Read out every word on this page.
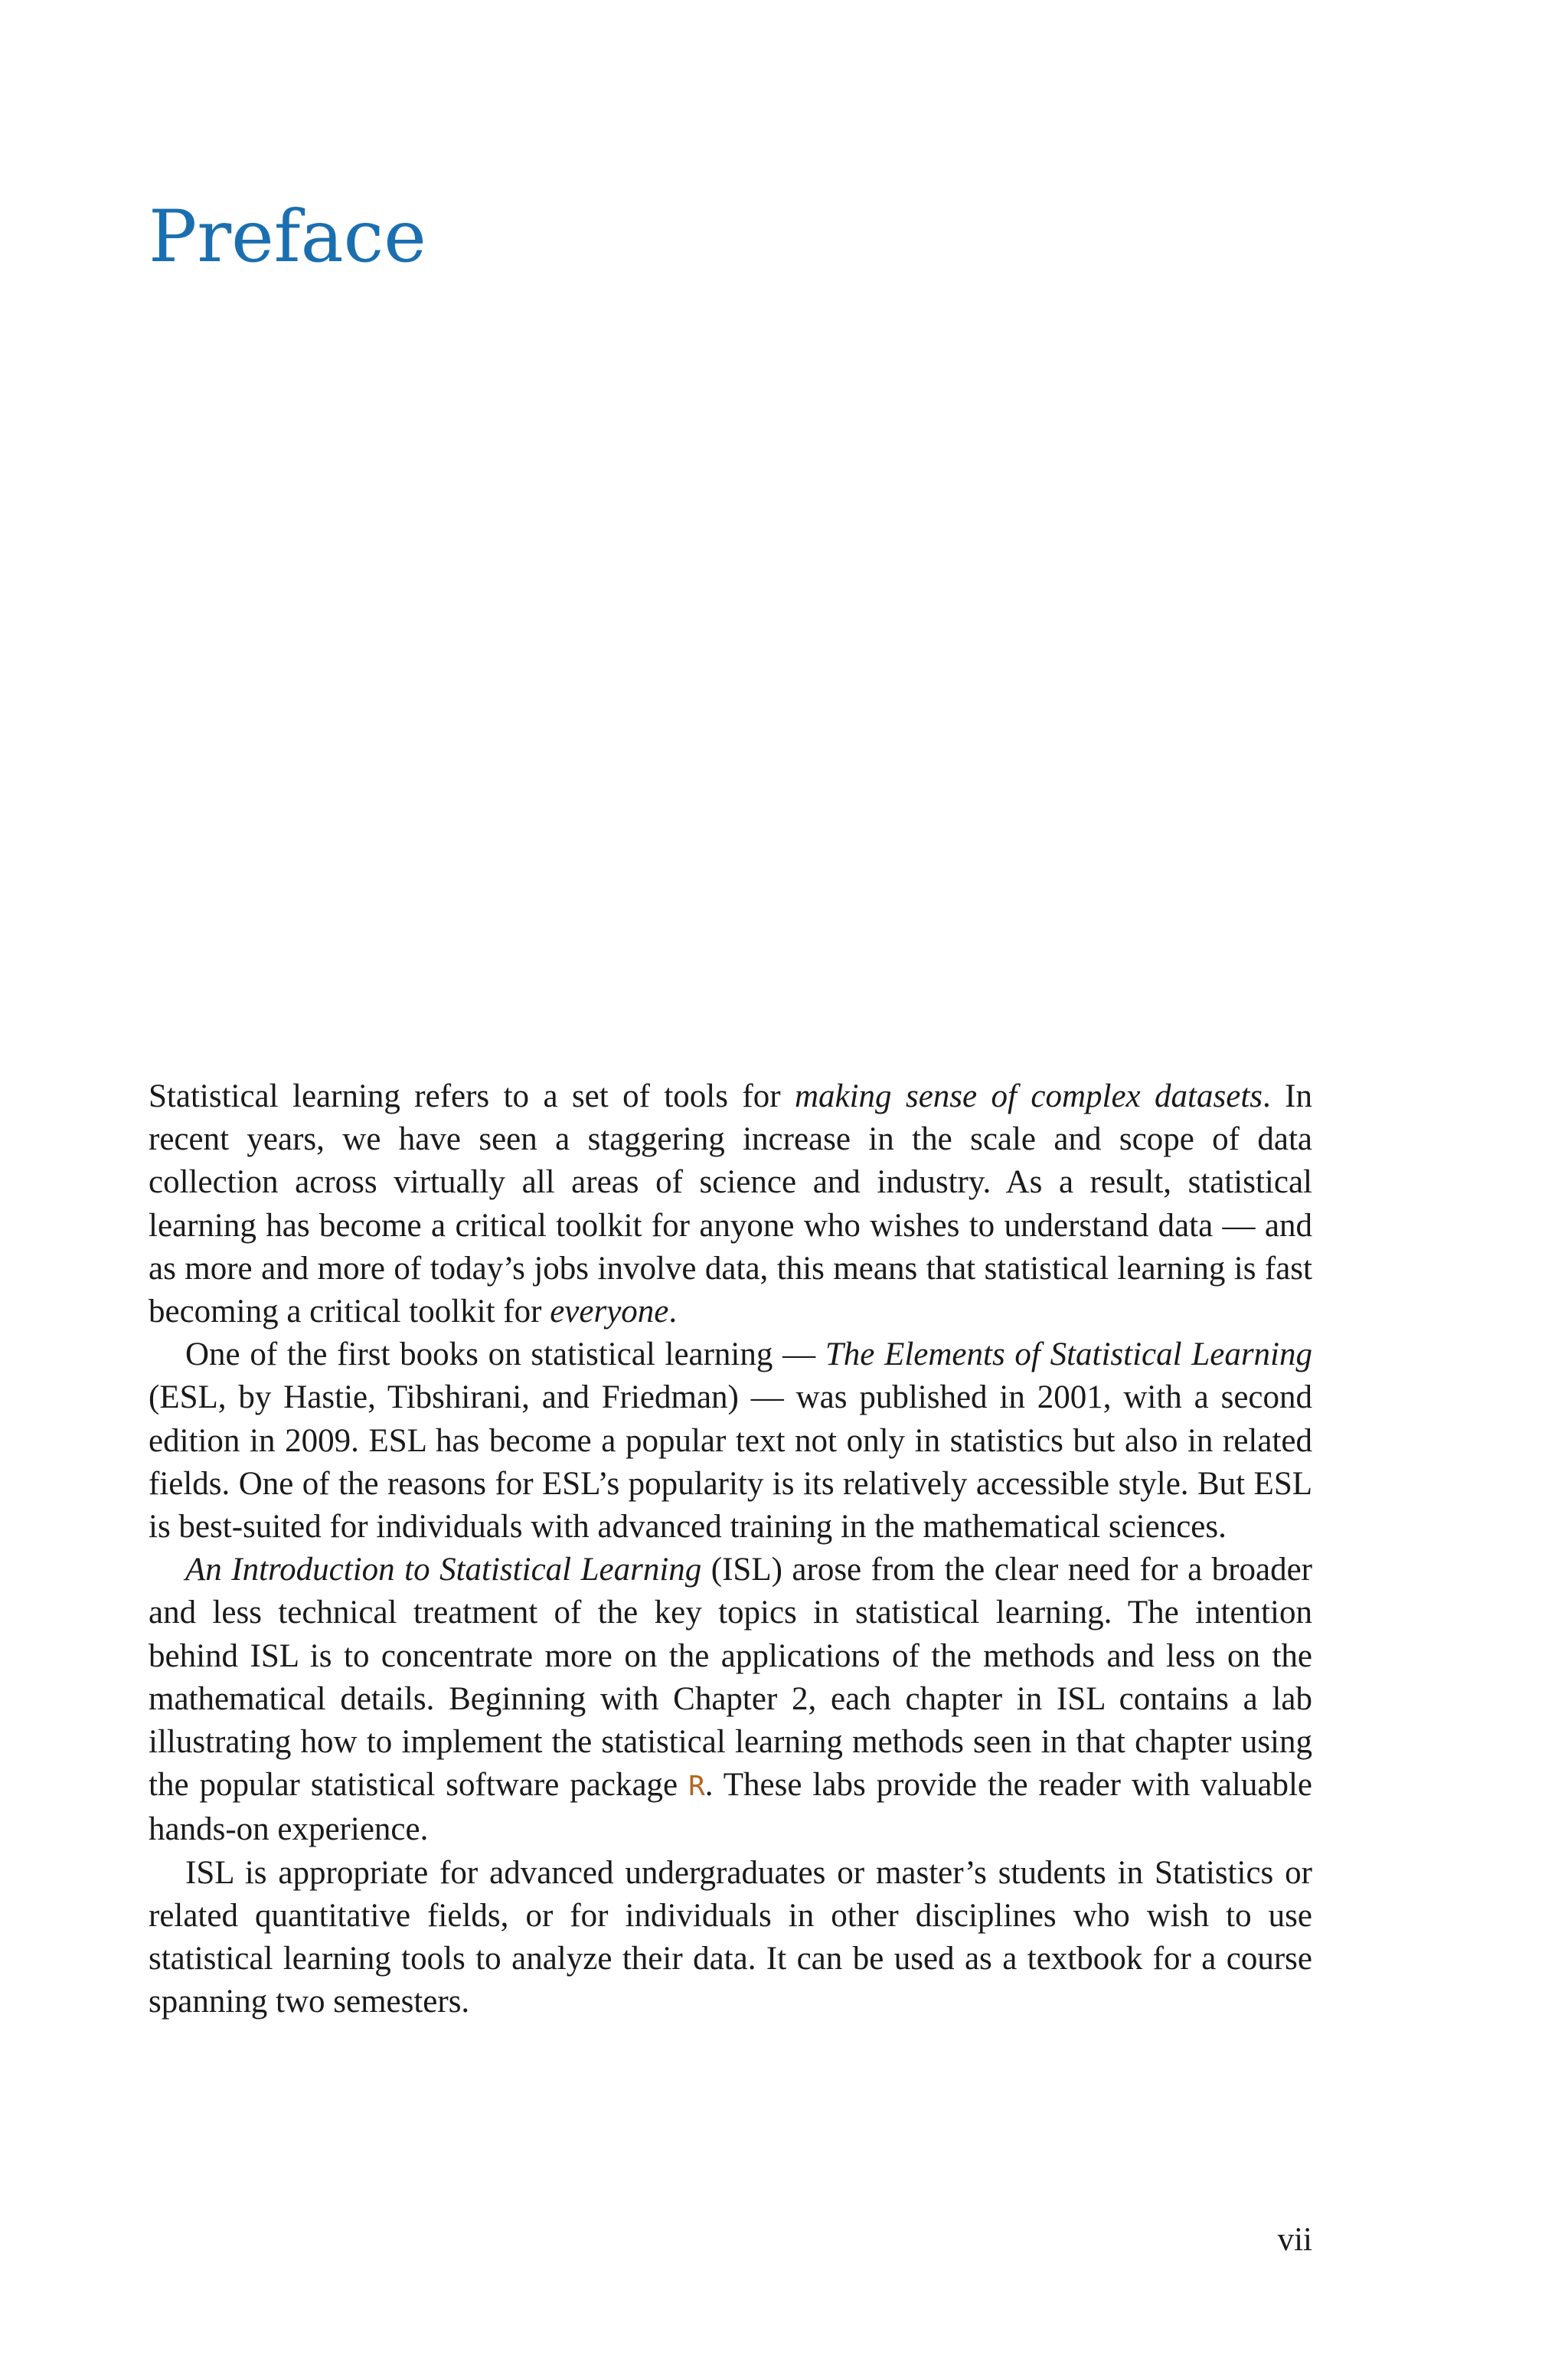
Preface

Statistical learning refers to a set of tools for making sense of complex datasets. In recent years, we have seen a staggering increase in the scale and scope of data collection across virtually all areas of science and industry. As a result, statistical learning has become a critical toolkit for anyone who wishes to understand data — and as more and more of today’s jobs involve data, this means that statistical learning is fast becoming a critical toolkit for everyone.

One of the first books on statistical learning — The Elements of Statistical Learning (ESL, by Hastie, Tibshirani, and Friedman) — was published in 2001, with a second edition in 2009. ESL has become a popular text not only in statistics but also in related fields. One of the reasons for ESL’s popularity is its relatively accessible style. But ESL is best-suited for individuals with advanced training in the mathematical sciences.

An Introduction to Statistical Learning (ISL) arose from the clear need for a broader and less technical treatment of the key topics in statistical learning. The intention behind ISL is to concentrate more on the applications of the methods and less on the mathematical details. Beginning with Chapter 2, each chapter in ISL contains a lab illustrating how to implement the statistical learning methods seen in that chapter using the popular statistical software package R. These labs provide the reader with valuable hands-on experience.

ISL is appropriate for advanced undergraduates or master’s students in Statistics or related quantitative fields, or for individuals in other disciplines who wish to use statistical learning tools to analyze their data. It can be used as a textbook for a course spanning two semesters.

vii
